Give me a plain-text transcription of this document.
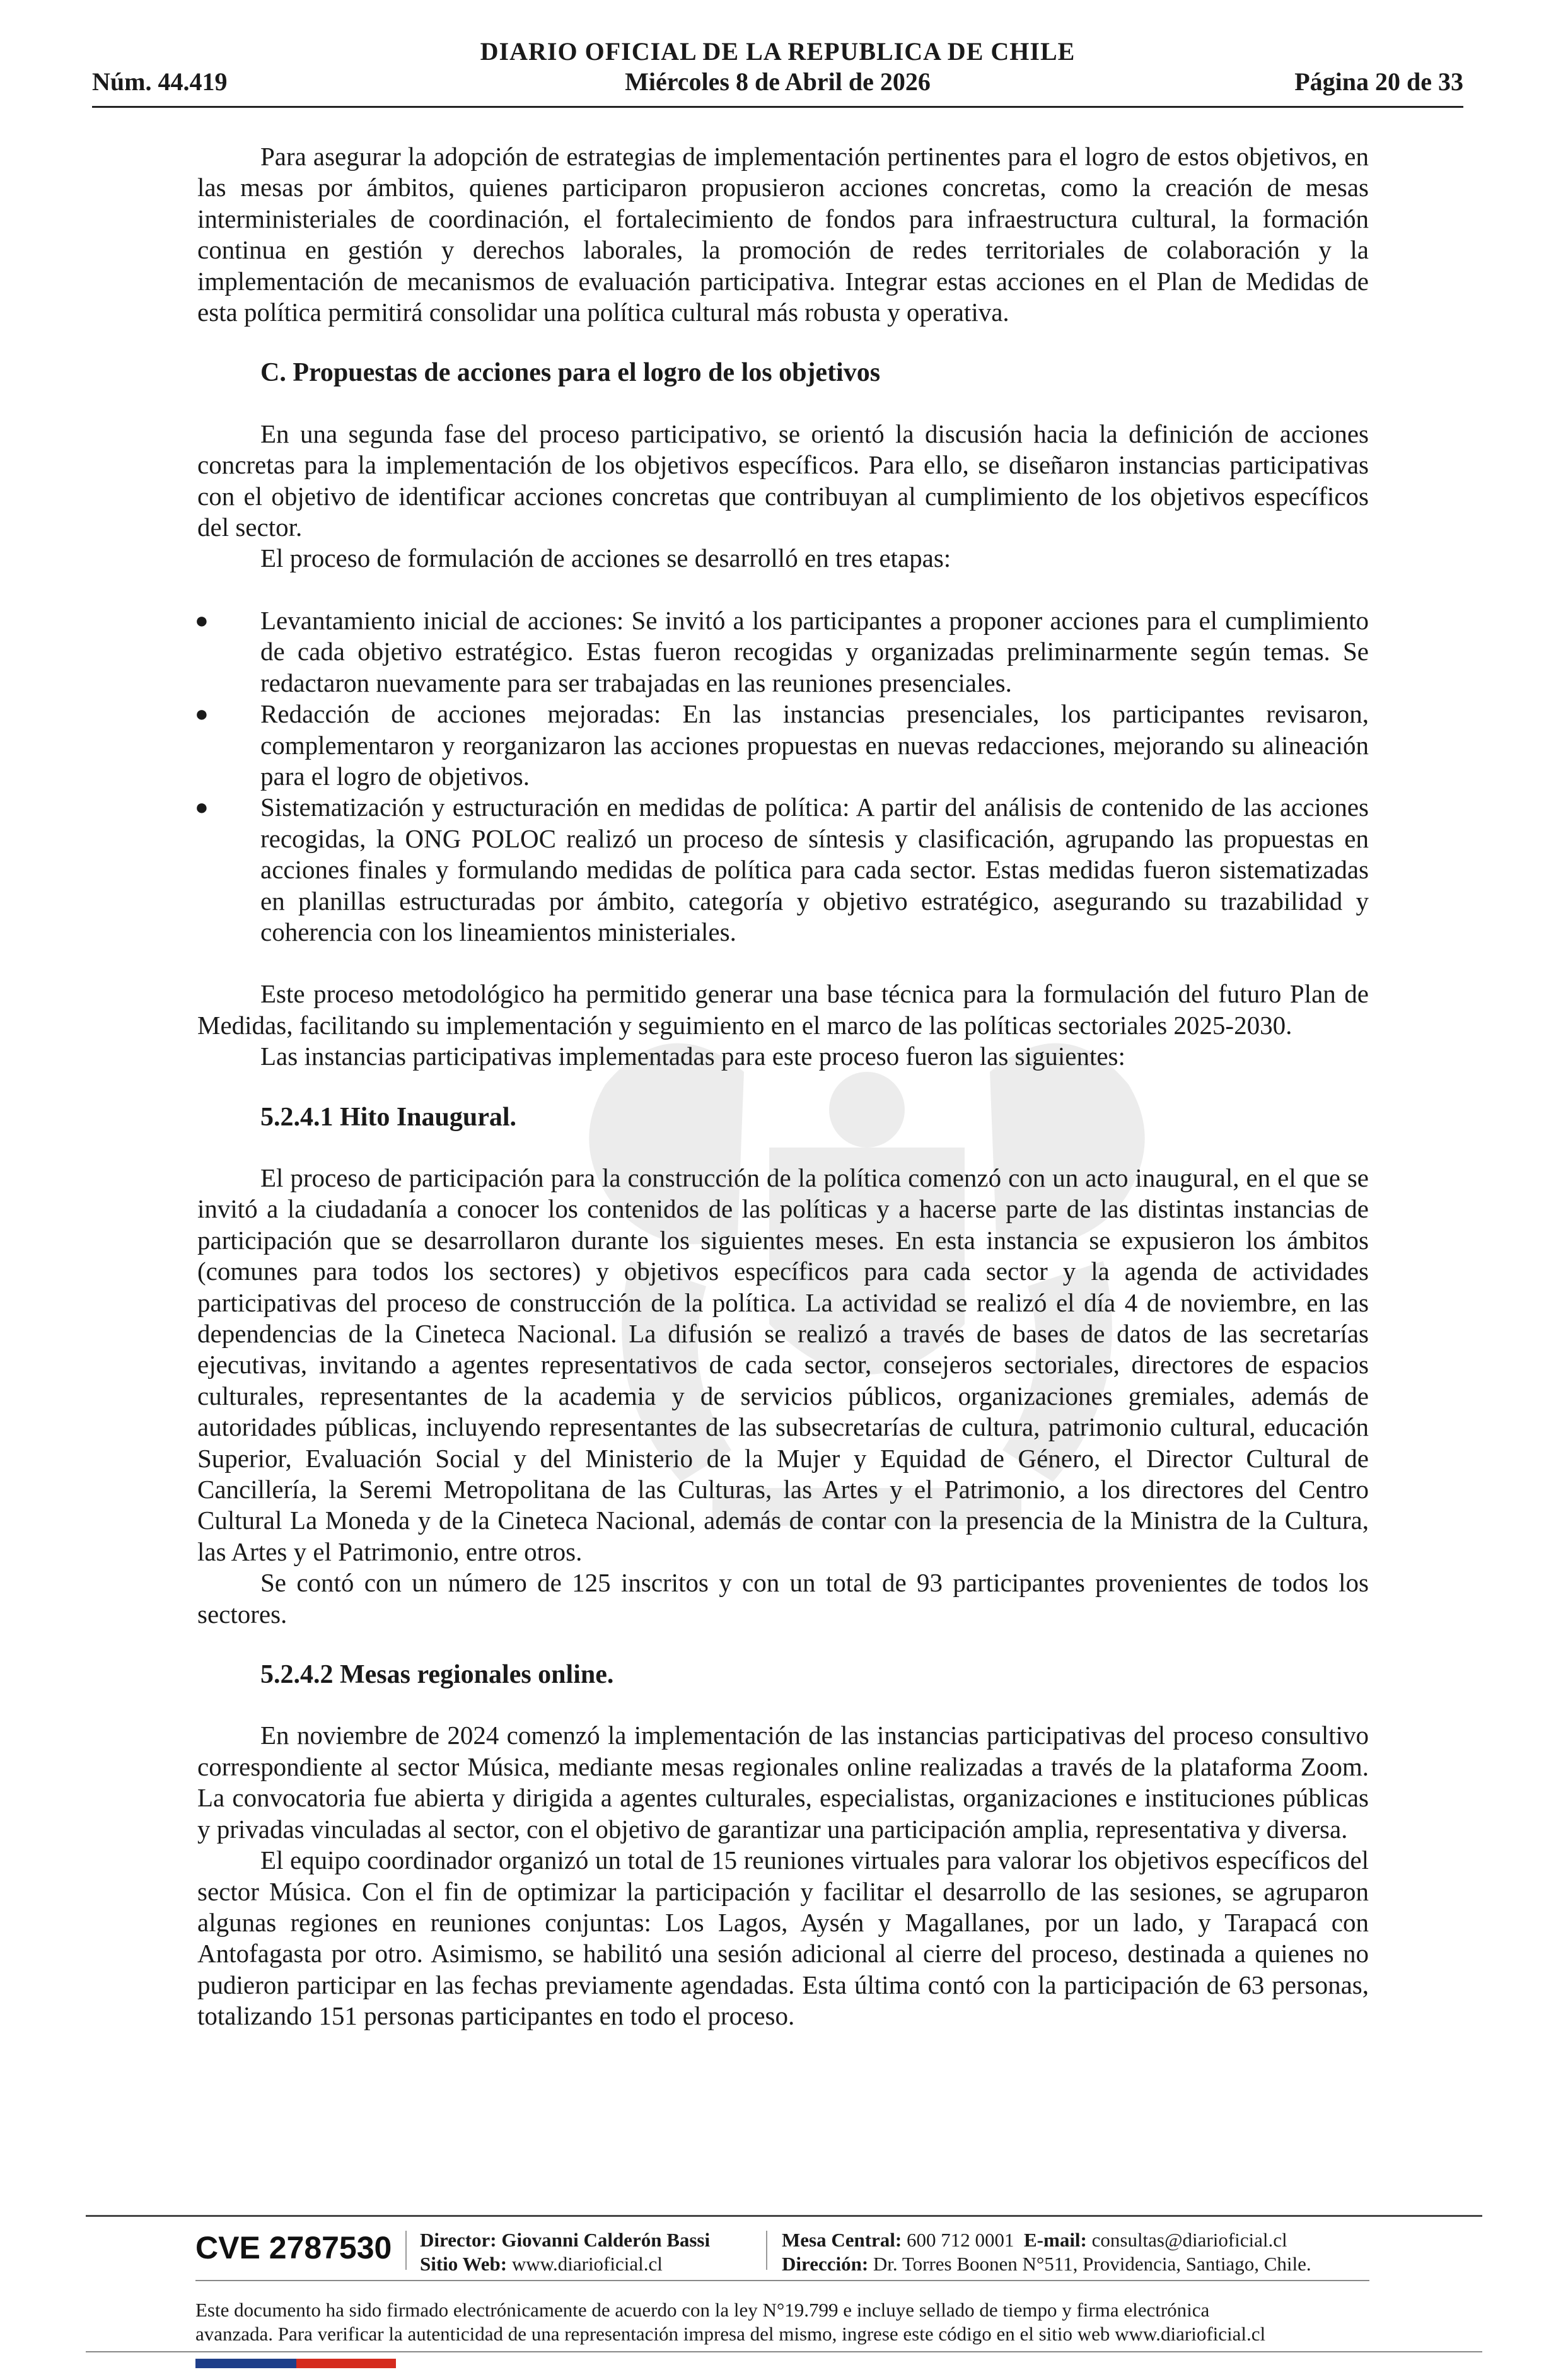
DIARIO OFICIAL DE LA REPUBLICA DE CHILE
Núm. 44.419	Miércoles 8 de Abril de 2026	Página 20 de 33

Para asegurar la adopción de estrategias de implementación pertinentes para el logro de estos objetivos, en las mesas por ámbitos, quienes participaron propusieron acciones concretas, como la creación de mesas interministeriales de coordinación, el fortalecimiento de fondos para infraestructura cultural, la formación continua en gestión y derechos laborales, la promoción de redes territoriales de colaboración y la implementación de mecanismos de evaluación participativa. Integrar estas acciones en el Plan de Medidas de esta política permitirá consolidar una política cultural más robusta y operativa.

C. Propuestas de acciones para el logro de los objetivos

En una segunda fase del proceso participativo, se orientó la discusión hacia la definición de acciones concretas para la implementación de los objetivos específicos. Para ello, se diseñaron instancias participativas con el objetivo de identificar acciones concretas que contribuyan al cumplimiento de los objetivos específicos del sector.

El proceso de formulación de acciones se desarrolló en tres etapas:

● Levantamiento inicial de acciones: Se invitó a los participantes a proponer acciones para el cumplimiento de cada objetivo estratégico. Estas fueron recogidas y organizadas preliminarmente según temas. Se redactaron nuevamente para ser trabajadas en las reuniones presenciales.
● Redacción de acciones mejoradas: En las instancias presenciales, los participantes revisaron, complementaron y reorganizaron las acciones propuestas en nuevas redacciones, mejorando su alineación para el logro de objetivos.
● Sistematización y estructuración en medidas de política: A partir del análisis de contenido de las acciones recogidas, la ONG POLOC realizó un proceso de síntesis y clasificación, agrupando las propuestas en acciones finales y formulando medidas de política para cada sector. Estas medidas fueron sistematizadas en planillas estructuradas por ámbito, categoría y objetivo estratégico, asegurando su trazabilidad y coherencia con los lineamientos ministeriales.

Este proceso metodológico ha permitido generar una base técnica para la formulación del futuro Plan de Medidas, facilitando su implementación y seguimiento en el marco de las políticas sectoriales 2025-2030.

Las instancias participativas implementadas para este proceso fueron las siguientes:

5.2.4.1 Hito Inaugural.

El proceso de participación para la construcción de la política comenzó con un acto inaugural, en el que se invitó a la ciudadanía a conocer los contenidos de las políticas y a hacerse parte de las distintas instancias de participación que se desarrollaron durante los siguientes meses. En esta instancia se expusieron los ámbitos (comunes para todos los sectores) y objetivos específicos para cada sector y la agenda de actividades participativas del proceso de construcción de la política. La actividad se realizó el día 4 de noviembre, en las dependencias de la Cineteca Nacional. La difusión se realizó a través de bases de datos de las secretarías ejecutivas, invitando a agentes representativos de cada sector, consejeros sectoriales, directores de espacios culturales, representantes de la academia y de servicios públicos, organizaciones gremiales, además de autoridades públicas, incluyendo representantes de las subsecretarías de cultura, patrimonio cultural, educación Superior, Evaluación Social y del Ministerio de la Mujer y Equidad de Género, el Director Cultural de Cancillería, la Seremi Metropolitana de las Culturas, las Artes y el Patrimonio, a los directores del Centro Cultural La Moneda y de la Cineteca Nacional, además de contar con la presencia de la Ministra de la Cultura, las Artes y el Patrimonio, entre otros.

Se contó con un número de 125 inscritos y con un total de 93 participantes provenientes de todos los sectores.

5.2.4.2 Mesas regionales online.

En noviembre de 2024 comenzó la implementación de las instancias participativas del proceso consultivo correspondiente al sector Música, mediante mesas regionales online realizadas a través de la plataforma Zoom. La convocatoria fue abierta y dirigida a agentes culturales, especialistas, organizaciones e instituciones públicas y privadas vinculadas al sector, con el objetivo de garantizar una participación amplia, representativa y diversa.

El equipo coordinador organizó un total de 15 reuniones virtuales para valorar los objetivos específicos del sector Música. Con el fin de optimizar la participación y facilitar el desarrollo de las sesiones, se agruparon algunas regiones en reuniones conjuntas: Los Lagos, Aysén y Magallanes, por un lado, y Tarapacá con Antofagasta por otro. Asimismo, se habilitó una sesión adicional al cierre del proceso, destinada a quienes no pudieron participar en las fechas previamente agendadas. Esta última contó con la participación de 63 personas, totalizando 151 personas participantes en todo el proceso.

CVE 2787530 Director: Giovanni Calderón Bassi
Sitio Web: www.diarioficial.cl
Mesa Central: 600 712 0001 E-mail: consultas@diarioficial.cl
Dirección: Dr. Torres Boonen N°511, Providencia, Santiago, Chile.
Este documento ha sido firmado electrónicamente de acuerdo con la ley N°19.799 e incluye sellado de tiempo y firma electrónica
avanzada. Para verificar la autenticidad de una representación impresa del mismo, ingrese este código en el sitio web www.diarioficial.cl
